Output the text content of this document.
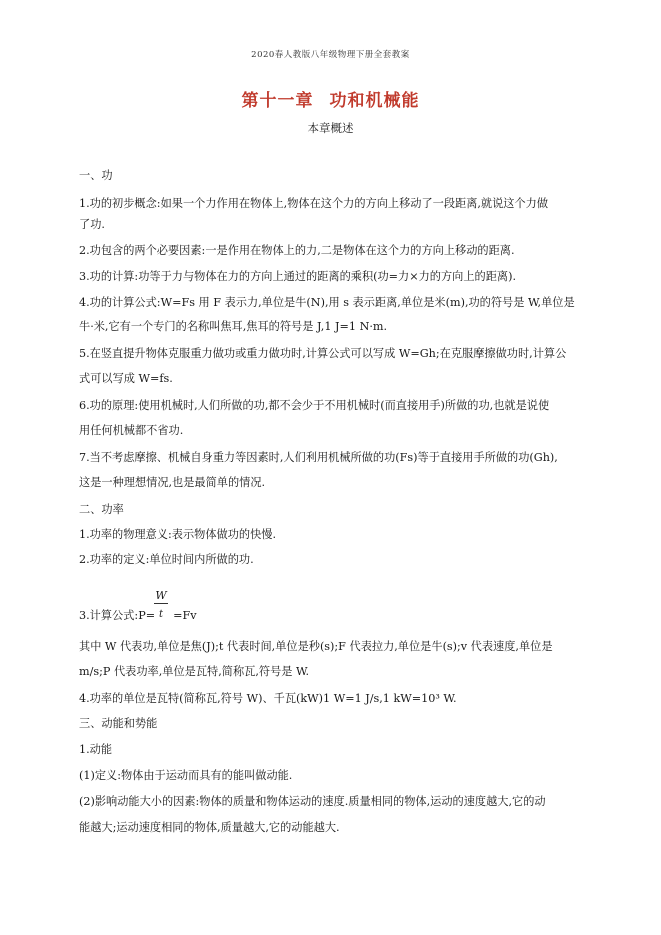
2020春人教版八年级物理下册全套教案
第十一章 功和机械能
本章概述
一、功
1.功的初步概念:如果一个力作用在物体上,物体在这个力的方向上移动了一段距离,就说这个力做
了功.
2.功包含的两个必要因素:一是作用在物体上的力,二是物体在这个力的方向上移动的距离.
3.功的计算:功等于力与物体在力的方向上通过的距离的乘积(功=力×力的方向上的距离).
4.功的计算公式:W=Fs 用 F 表示力,单位是牛(N),用 s 表示距离,单位是米(m),功的符号是 W,单位是
牛·米,它有一个专门的名称叫焦耳,焦耳的符号是 J,1 J=1 N·m.
5.在竖直提升物体克服重力做功或重力做功时,计算公式可以写成 W=Gh;在克服摩擦做功时,计算公
式可以写成 W=fs.
6.功的原理:使用机械时,人们所做的功,都不会少于不用机械时(而直接用手)所做的功,也就是说使
用任何机械都不省功.
7.当不考虑摩擦、机械自身重力等因素时,人们利用机械所做的功(Fs)等于直接用手所做的功(Gh),
这是一种理想情况,也是最简单的情况.
二、功率
1.功率的物理意义:表示物体做功的快慢.
2.功率的定义:单位时间内所做的功.
3.计算公式:P= =Fv
W
t
其中 W 代表功,单位是焦(J);t 代表时间,单位是秒(s);F 代表拉力,单位是牛(s);v 代表速度,单位是
m/s;P 代表功率,单位是瓦特,简称瓦,符号是 W.
4.功率的单位是瓦特(简称瓦,符号 W)、千瓦(kW)1 W=1 J/s,1 kW=10³ W.
三、动能和势能
1.动能
(1)定义:物体由于运动而具有的能叫做动能.
(2)影响动能大小的因素:物体的质量和物体运动的速度.质量相同的物体,运动的速度越大,它的动
能越大;运动速度相同的物体,质量越大,它的动能越大.
